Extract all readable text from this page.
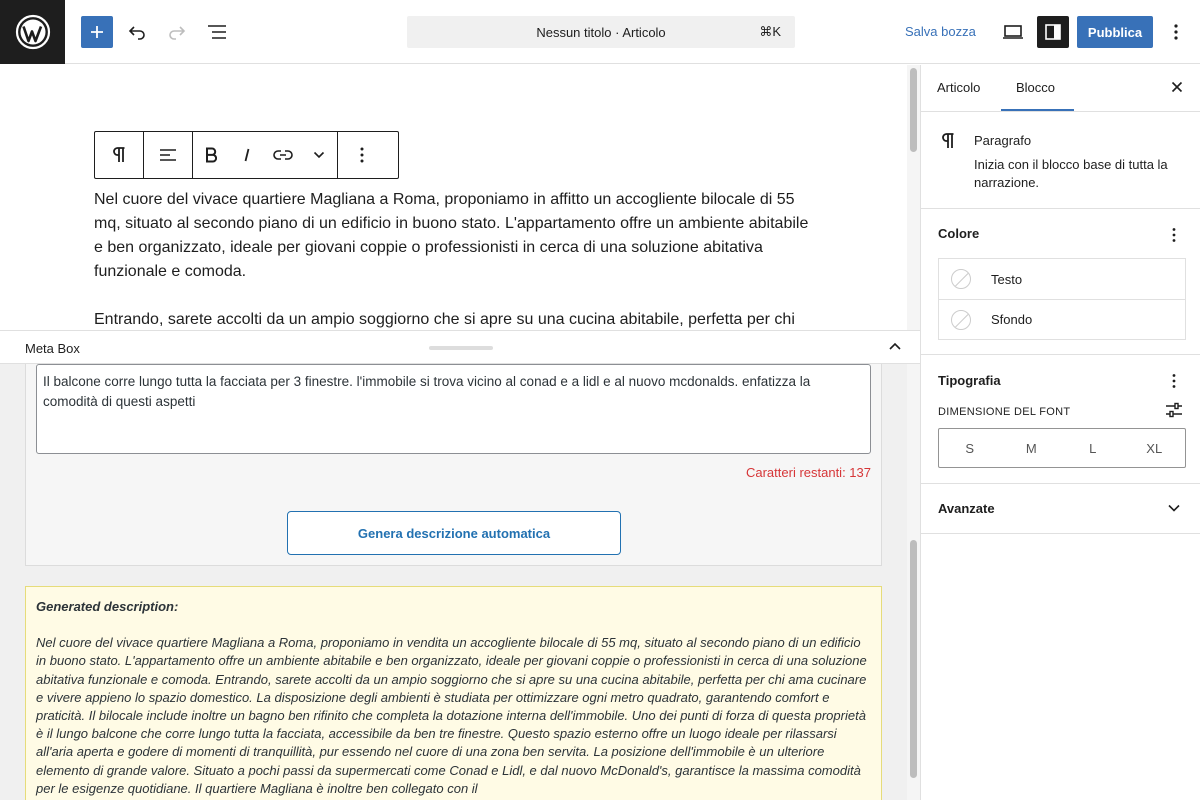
Nessun titolo · Articolo	⌘K	Salva bozza	Pubblica

Nel cuore del vivace quartiere Magliana a Roma, proponiamo in affitto un accogliente bilocale di 55 mq, situato al secondo piano di un edificio in buono stato. L'appartamento offre un ambiente abitabile e ben organizzato, ideale per giovani coppie o professionisti in cerca di una soluzione abitativa funzionale e comoda.

Entrando, sarete accolti da un ampio soggiorno che si apre su una cucina abitabile, perfetta per chi

Meta Box
Il balcone corre lungo tutta la facciata per 3 finestre. l'immobile si trova vicino al conad e a lidl e al nuovo mcdonalds. enfatizza la comodità di questi aspetti
Caratteri restanti: 137
Genera descrizione automatica
Generated description:
Nel cuore del vivace quartiere Magliana a Roma, proponiamo in vendita un accogliente bilocale di 55 mq, situato al secondo piano di un edificio in buono stato. L'appartamento offre un ambiente abitabile e ben organizzato, ideale per giovani coppie o professionisti in cerca di una soluzione abitativa funzionale e comoda. Entrando, sarete accolti da un ampio soggiorno che si apre su una cucina abitabile, perfetta per chi ama cucinare e vivere appieno lo spazio domestico. La disposizione degli ambienti è studiata per ottimizzare ogni metro quadrato, garantendo comfort e praticità. Il bilocale include inoltre un bagno ben rifinito che completa la dotazione interna dell'immobile. Uno dei punti di forza di questa proprietà è il lungo balcone che corre lungo tutta la facciata, accessibile da ben tre finestre. Questo spazio esterno offre un luogo ideale per rilassarsi all'aria aperta e godere di momenti di tranquillità, pur essendo nel cuore di una zona ben servita. La posizione dell'immobile è un ulteriore elemento di grande valore. Situato a pochi passi da supermercati come Conad e Lidl, e dal nuovo McDonald's, garantisce la massima comodità per le esigenze quotidiane. Il quartiere Magliana è inoltre ben collegato con il
Articolo	Blocco
Paragrafo
Inizia con il blocco base di tutta la narrazione.
Colore
Testo
Sfondo
Tipografia
DIMENSIONE DEL FONT
S	M	L	XL
Avanzate
